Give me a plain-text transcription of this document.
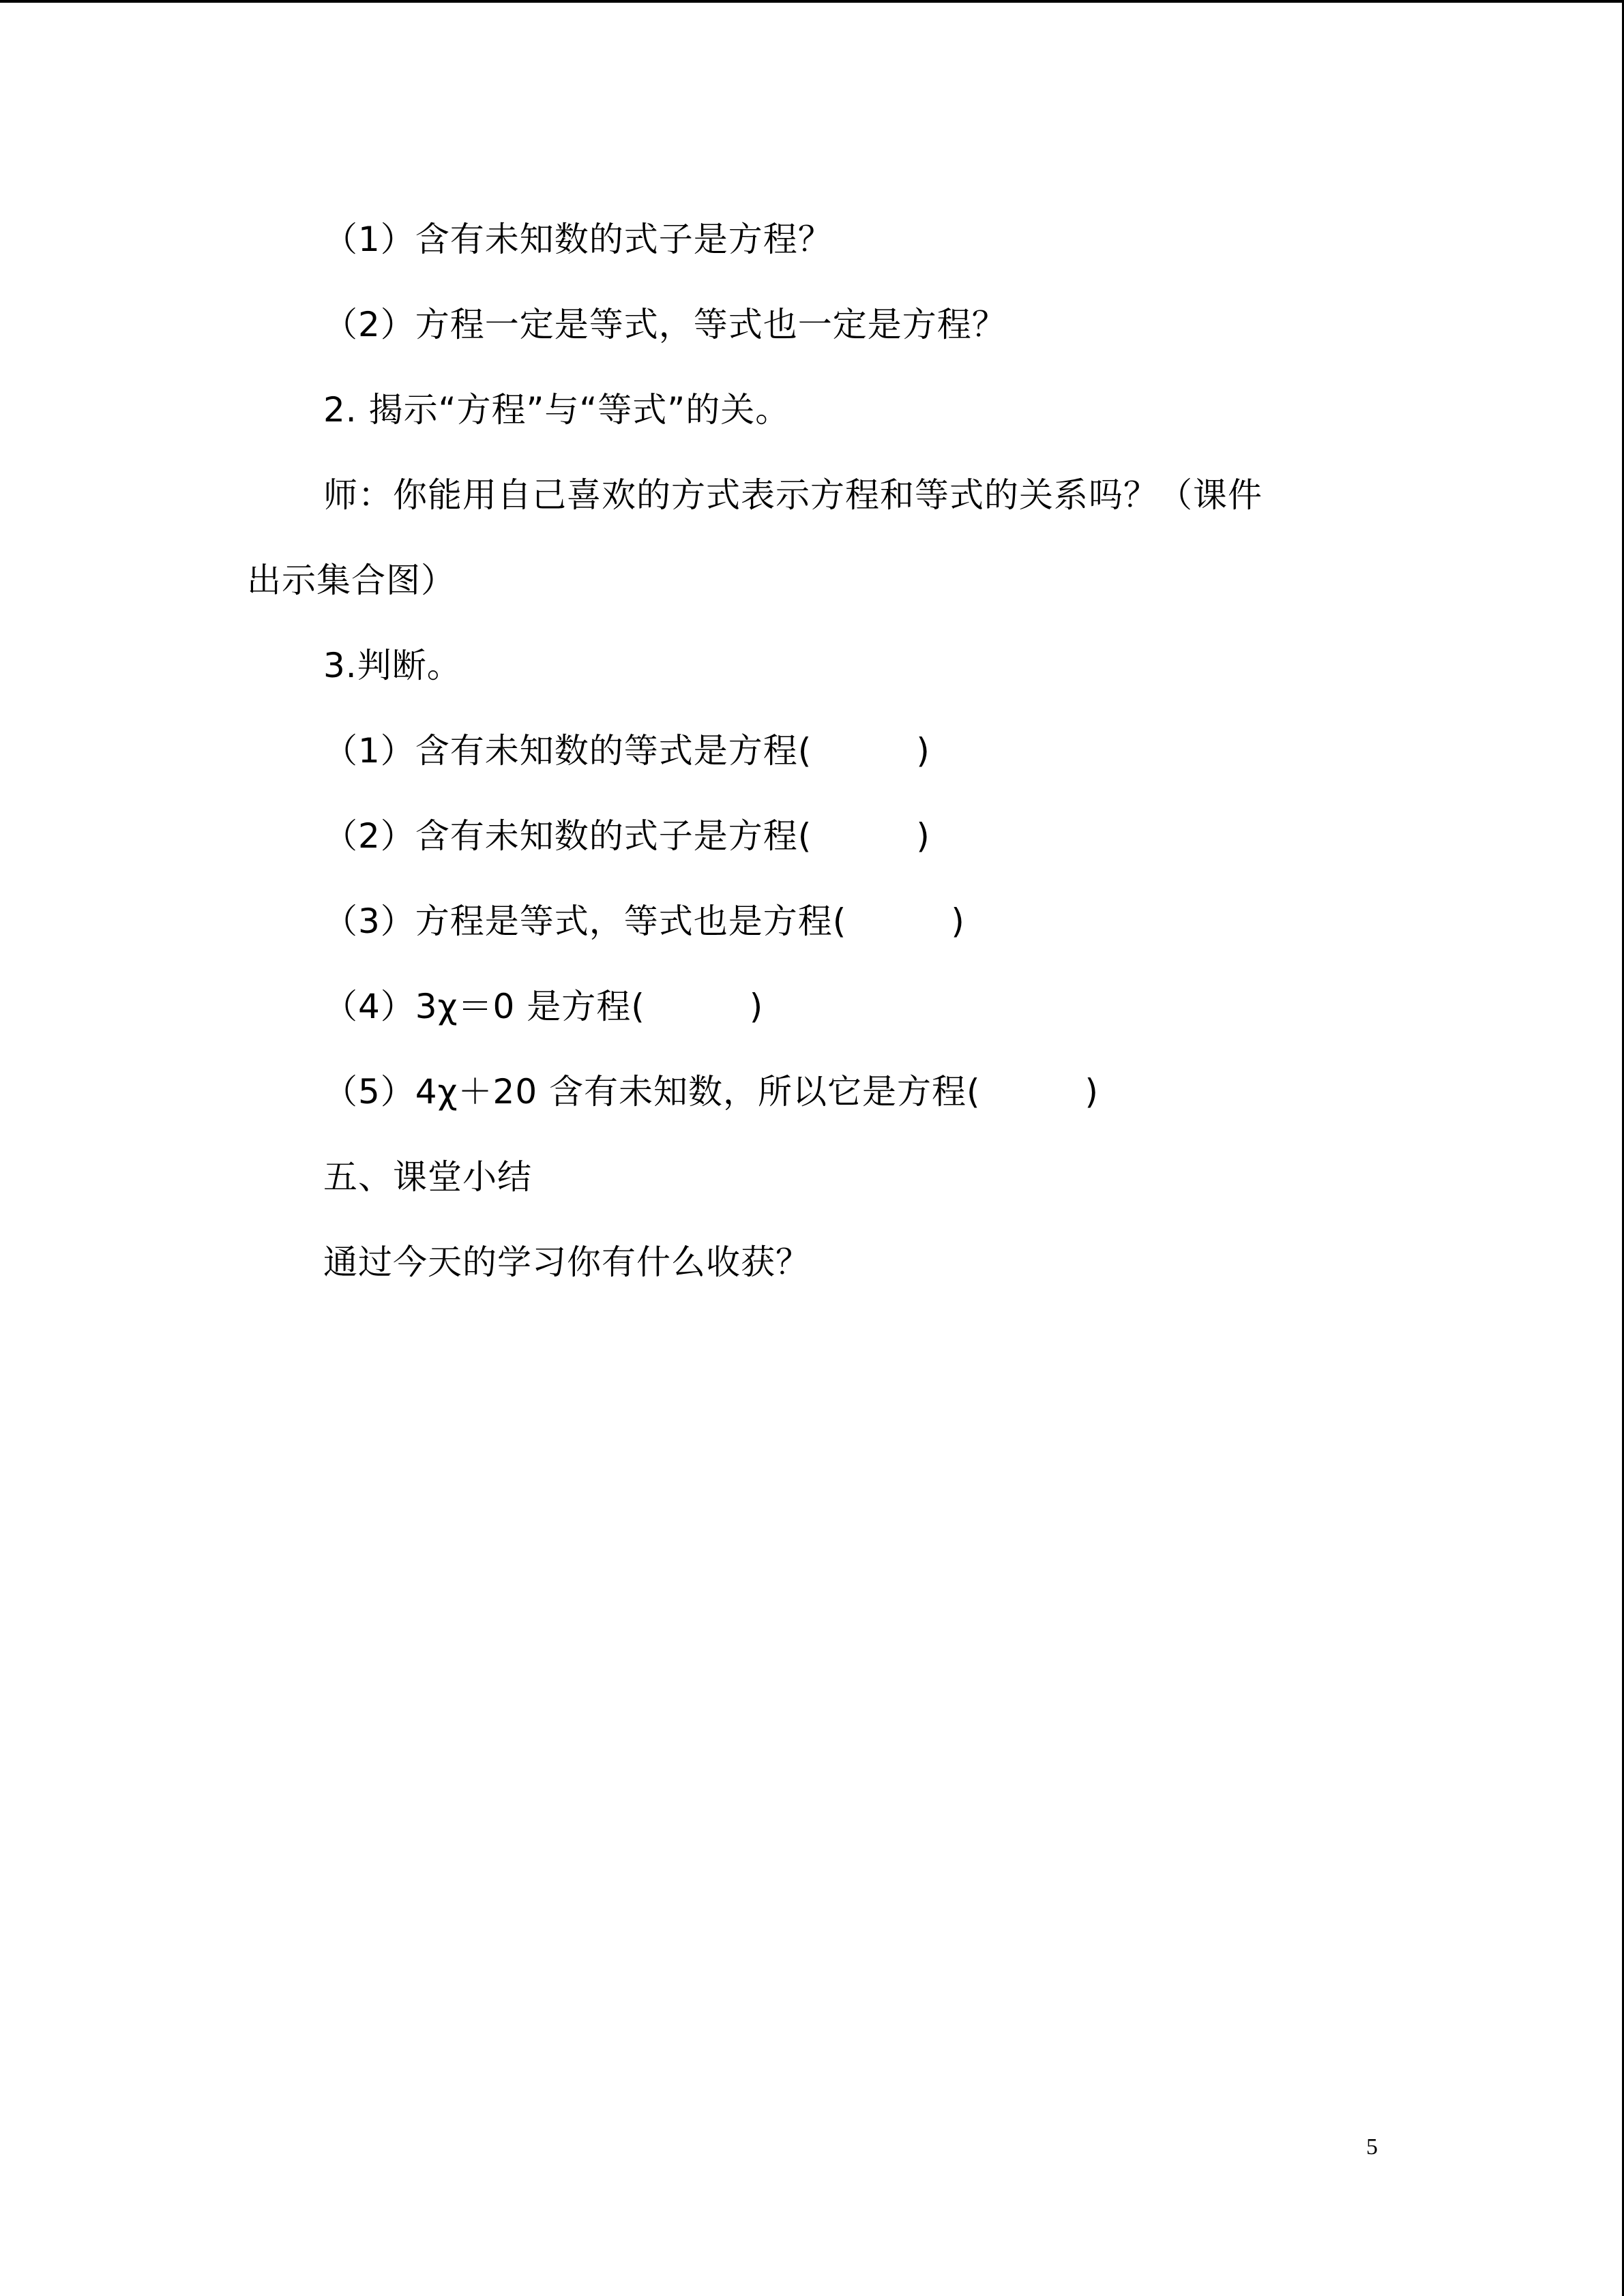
（1）含有未知数的式子是方程？
（2）方程一定是等式，等式也一定是方程？
2. 揭示“方程”与“等式”的关。
师：你能用自己喜欢的方式表示方程和等式的关系吗？（课件
出示集合图）
3.判断。
（1）含有未知数的等式是方程(　　　)
（2）含有未知数的式子是方程(　　　)
（3）方程是等式，等式也是方程(　　　)
（4）3χ＝0 是方程(　　　)
（5）4χ＋20 含有未知数，所以它是方程(　　　)
五、课堂小结
通过今天的学习你有什么收获？
5
